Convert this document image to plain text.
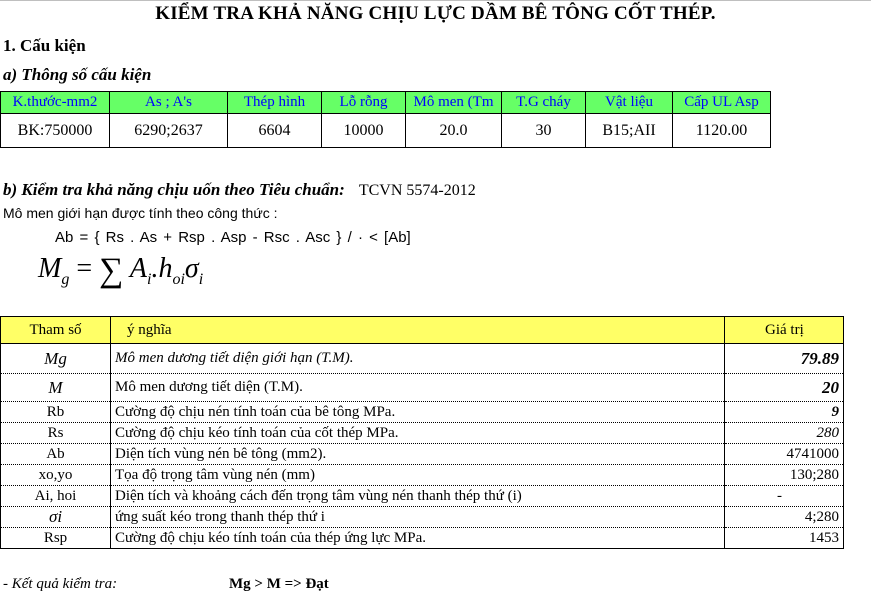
KIỂM TRA KHẢ NĂNG CHỊU LỰC DẦM BÊ TÔNG CỐT THÉP.
1. Cấu kiện
a) Thông số cấu kiện
K.thước-mm2	As ; A's	Thép hình	Lỗ rỗng	Mô men (Tm	T.G cháy	Vật liệu	Cấp UL Asp
BK:750000	6290;2637	6604	10000	20.0	30	B15;AII	1120.00
b) Kiểm tra khả năng chịu uốn theo Tiêu chuẩn: TCVN 5574-2012
Mô men giới hạn được tính theo công thức :
Ab = { Rs . As + Rsp . Asp - Rsc . Asc } / · < [Ab]
$M_g$ = ∑ $A_i.h_{oi}\sigma_i$
Tham số	ý nghĩa	Giá trị
Mg	Mô men dương tiết diện giới hạn (T.M).	79.89
M	Mô men dương tiết diện (T.M).	20
Rb	Cường độ chịu nén tính toán của bê tông MPa.	9
Rs	Cường độ chịu kéo tính toán của cốt thép MPa.	280
Ab	Diện tích vùng nén bê tông (mm2).	4741000
xo,yo	Tọa độ trọng tâm vùng nén (mm)	130;280
Ai, hoi	Diện tích và khoảng cách đến trọng tâm vùng nén thanh thép thứ (i)	-
σi	ứng suất kéo trong thanh thép thứ i	4;280
Rsp	Cường độ chịu kéo tính toán của thép ứng lực MPa.	1453
- Kết quả kiểm tra:	Mg > M => Đạt
